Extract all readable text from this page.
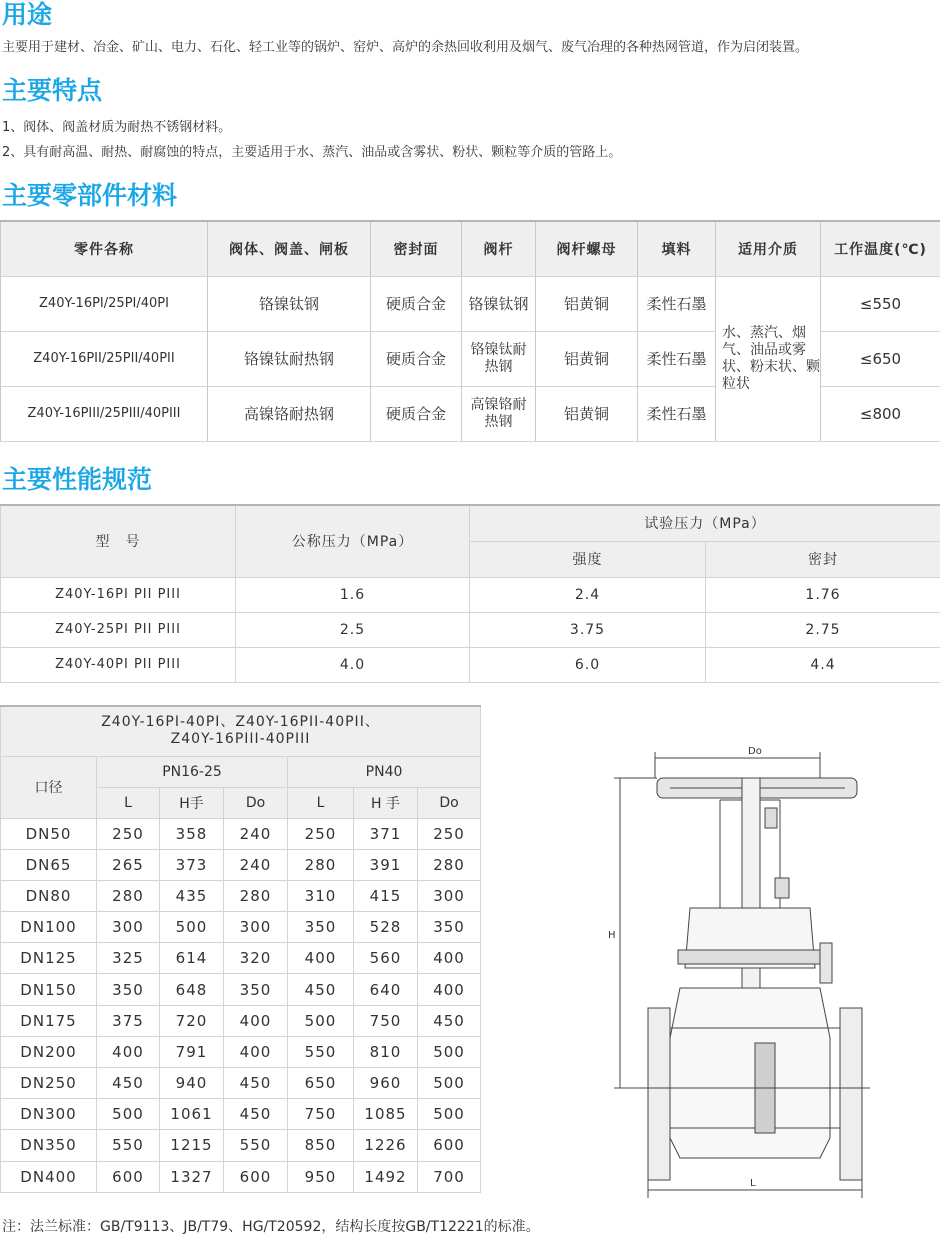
用途
主要用于建材、冶金、矿山、电力、石化、轻工业等的锅炉、窑炉、高炉的余热回收利用及烟气、废气冶理的各种热网管道，作为启闭装置。
主要特点
1、阀体、阀盖材质为耐热不锈钢材料。
2、具有耐高温、耐热、耐腐蚀的特点，主要适用于水、蒸汽、油品或含雾状、粉状、颗粒等介质的管路上。
主要零部件材料
零件各称	阀体、阀盖、闸板	密封面	阀杆	阀杆螺母	填料	适用介质	工作温度(℃)
Z40Y-16PI/25PI/40PI	铬镍钛钢	硬质合金	铬镍钛钢	铝黄铜	柔性石墨	水、蒸汽、烟气、油品或雾状、粉末状、颗粒状	≤550
Z40Y-16PII/25PII/40PII	铬镍钛耐热钢	硬质合金	铬镍钛耐热钢	铝黄铜	柔性石墨		≤650
Z40Y-16PIII/25PIII/40PIII	高镍铬耐热钢	硬质合金	高镍铬耐热钢	铝黄铜	柔性石墨		≤800
主要性能规范
型　号	公称压力（MPa）	试验压力（MPa）	
		强度	密封
Z40Y-16PI PII PIII	1.6	2.4	1.76
Z40Y-25PI PII PIII	2.5	3.75	2.75
Z40Y-40PI PII PIII	4.0	6.0	4.4
Z40Y-16PI-40PI、Z40Y-16PII-40PII、
Z40Y-16PIII-40PIII						

口径	PN16-25			PN40		
	L	H手	Do	L	H 手	Do
DN50	250	358	240	250	371	250
DN65	265	373	240	280	391	280
DN80	280	435	280	310	415	300
DN100	300	500	300	350	528	350
DN125	325	614	320	400	560	400
DN150	350	648	350	450	640	400
DN175	375	720	400	500	750	450
DN200	400	791	400	550	810	500
DN250	450	940	450	650	960	500
DN300	500	1061	450	750	1085	500
DN350	550	1215	550	850	1226	600
DN400	600	1327	600	950	1492	700
Do
H
L
注：法兰标准：GB/T9113、JB/T79、HG/T20592，结构长度按GB/T12221的标准。
